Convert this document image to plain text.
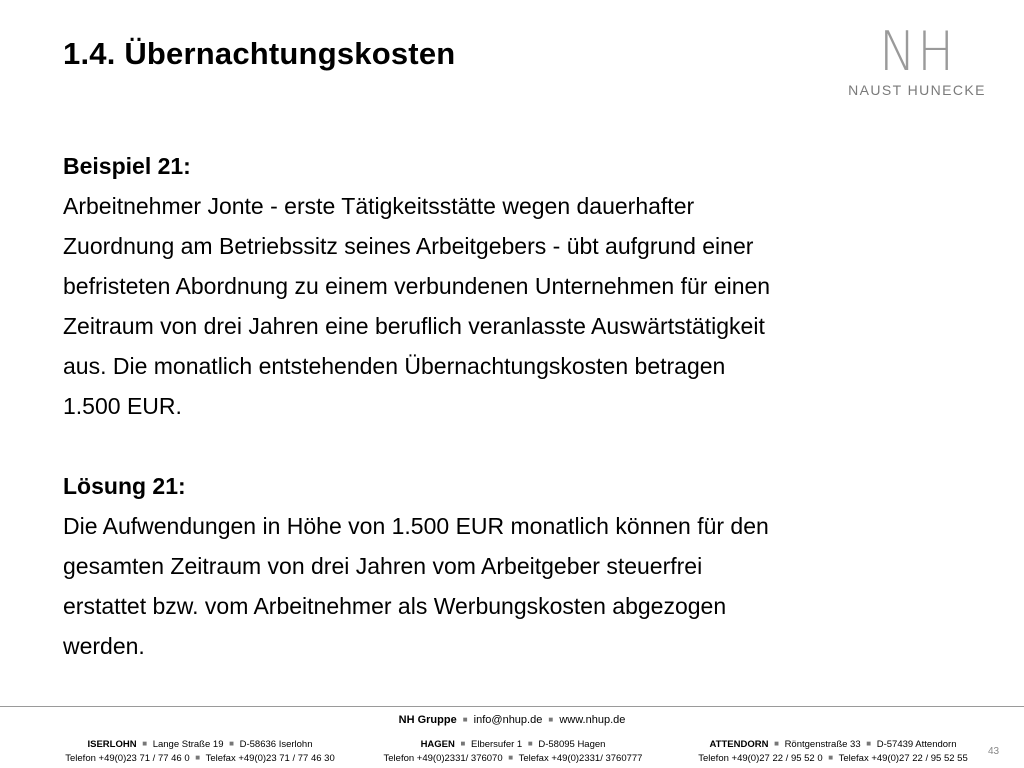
1.4. Übernachtungskosten	NH
NAUST HUNECKE
Beispiel 21:
Arbeitnehmer Jonte - erste Tätigkeitsstätte wegen dauerhafter
Zuordnung am Betriebssitz seines Arbeitgebers - übt aufgrund einer
befristeten Abordnung zu einem verbundenen Unternehmen für einen
Zeitraum von drei Jahren eine beruflich veranlasste Auswärtstätigkeit
aus. Die monatlich entstehenden Übernachtungskosten betragen
1.500 EUR.
Lösung 21:
Die Aufwendungen in Höhe von 1.500 EUR monatlich können für den
gesamten Zeitraum von drei Jahren vom Arbeitgeber steuerfrei
erstattet bzw. vom Arbeitnehmer als Werbungskosten abgezogen
werden.
NH Gruppe ■ info@nhup.de ■ www.nhup.de
ISERLOHN ■ Lange Straße 19 ■ D-58636 Iserlohn
Telefon +49(0)23 71 / 77 46 0 ■ Telefax +49(0)23 71 / 77 46 30
HAGEN ■ Elbersufer 1 ■ D-58095 Hagen
Telefon +49(0)2331/ 376070 ■ Telefax +49(0)2331/ 3760777
ATTENDORN ■ Röntgenstraße 33 ■ D-57439 Attendorn
Telefon +49(0)27 22 / 95 52 0 ■ Telefax +49(0)27 22 / 95 52 55
43
